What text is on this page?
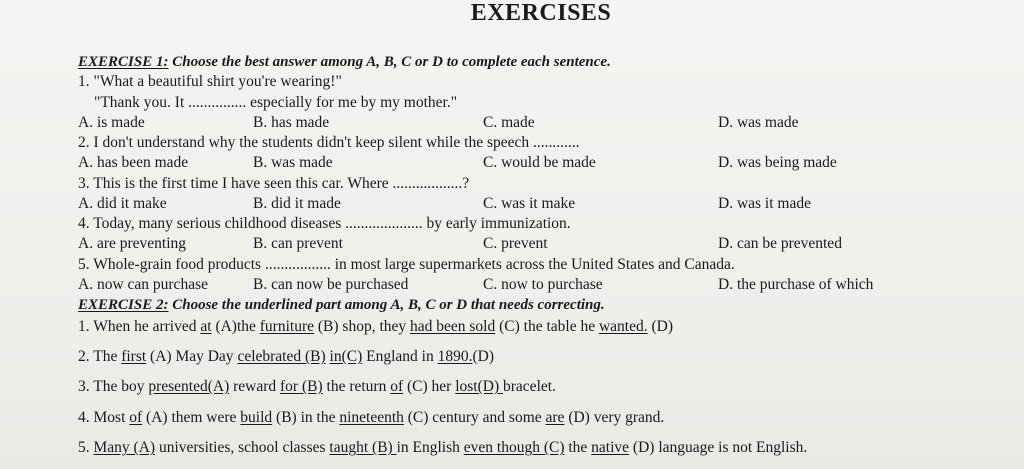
EXERCISES
EXERCISE 1: Choose the best answer among A, B, C or D to complete each sentence.
1. "What a beautiful shirt you're wearing!"
"Thank you. It ............... especially for me by my mother."
A. is made	B. has made	C. made	D. was made
2. I don't understand why the students didn't keep silent while the speech ............
A. has been made	B. was made	C. would be made	D. was being made
3. This is the first time I have seen this car. Where ..................?
A. did it make	B. did it made	C. was it make	D. was it made
4. Today, many serious childhood diseases .................... by early immunization.
A. are preventing	B. can prevent	C. prevent	D. can be prevented
5. Whole-grain food products ................. in most large supermarkets across the United States and Canada.
A. now can purchase	B. can now be purchased	C. now to purchase	D. the purchase of which
EXERCISE 2: Choose the underlined part among A, B, C or D that needs correcting.
1. When he arrived at (A)the furniture (B) shop, they had been sold (C) the table he wanted. (D)
2. The first (A) May Day celebrated (B) in(C) England in 1890.(D)
3. The boy presented(A) reward for (B) the return of (C) her lost(D) bracelet.
4. Most of (A) them were build (B) in the nineteenth (C) century and some are (D) very grand.
5. Many (A) universities, school classes taught (B) in English even though (C) the native (D) language is not English.
